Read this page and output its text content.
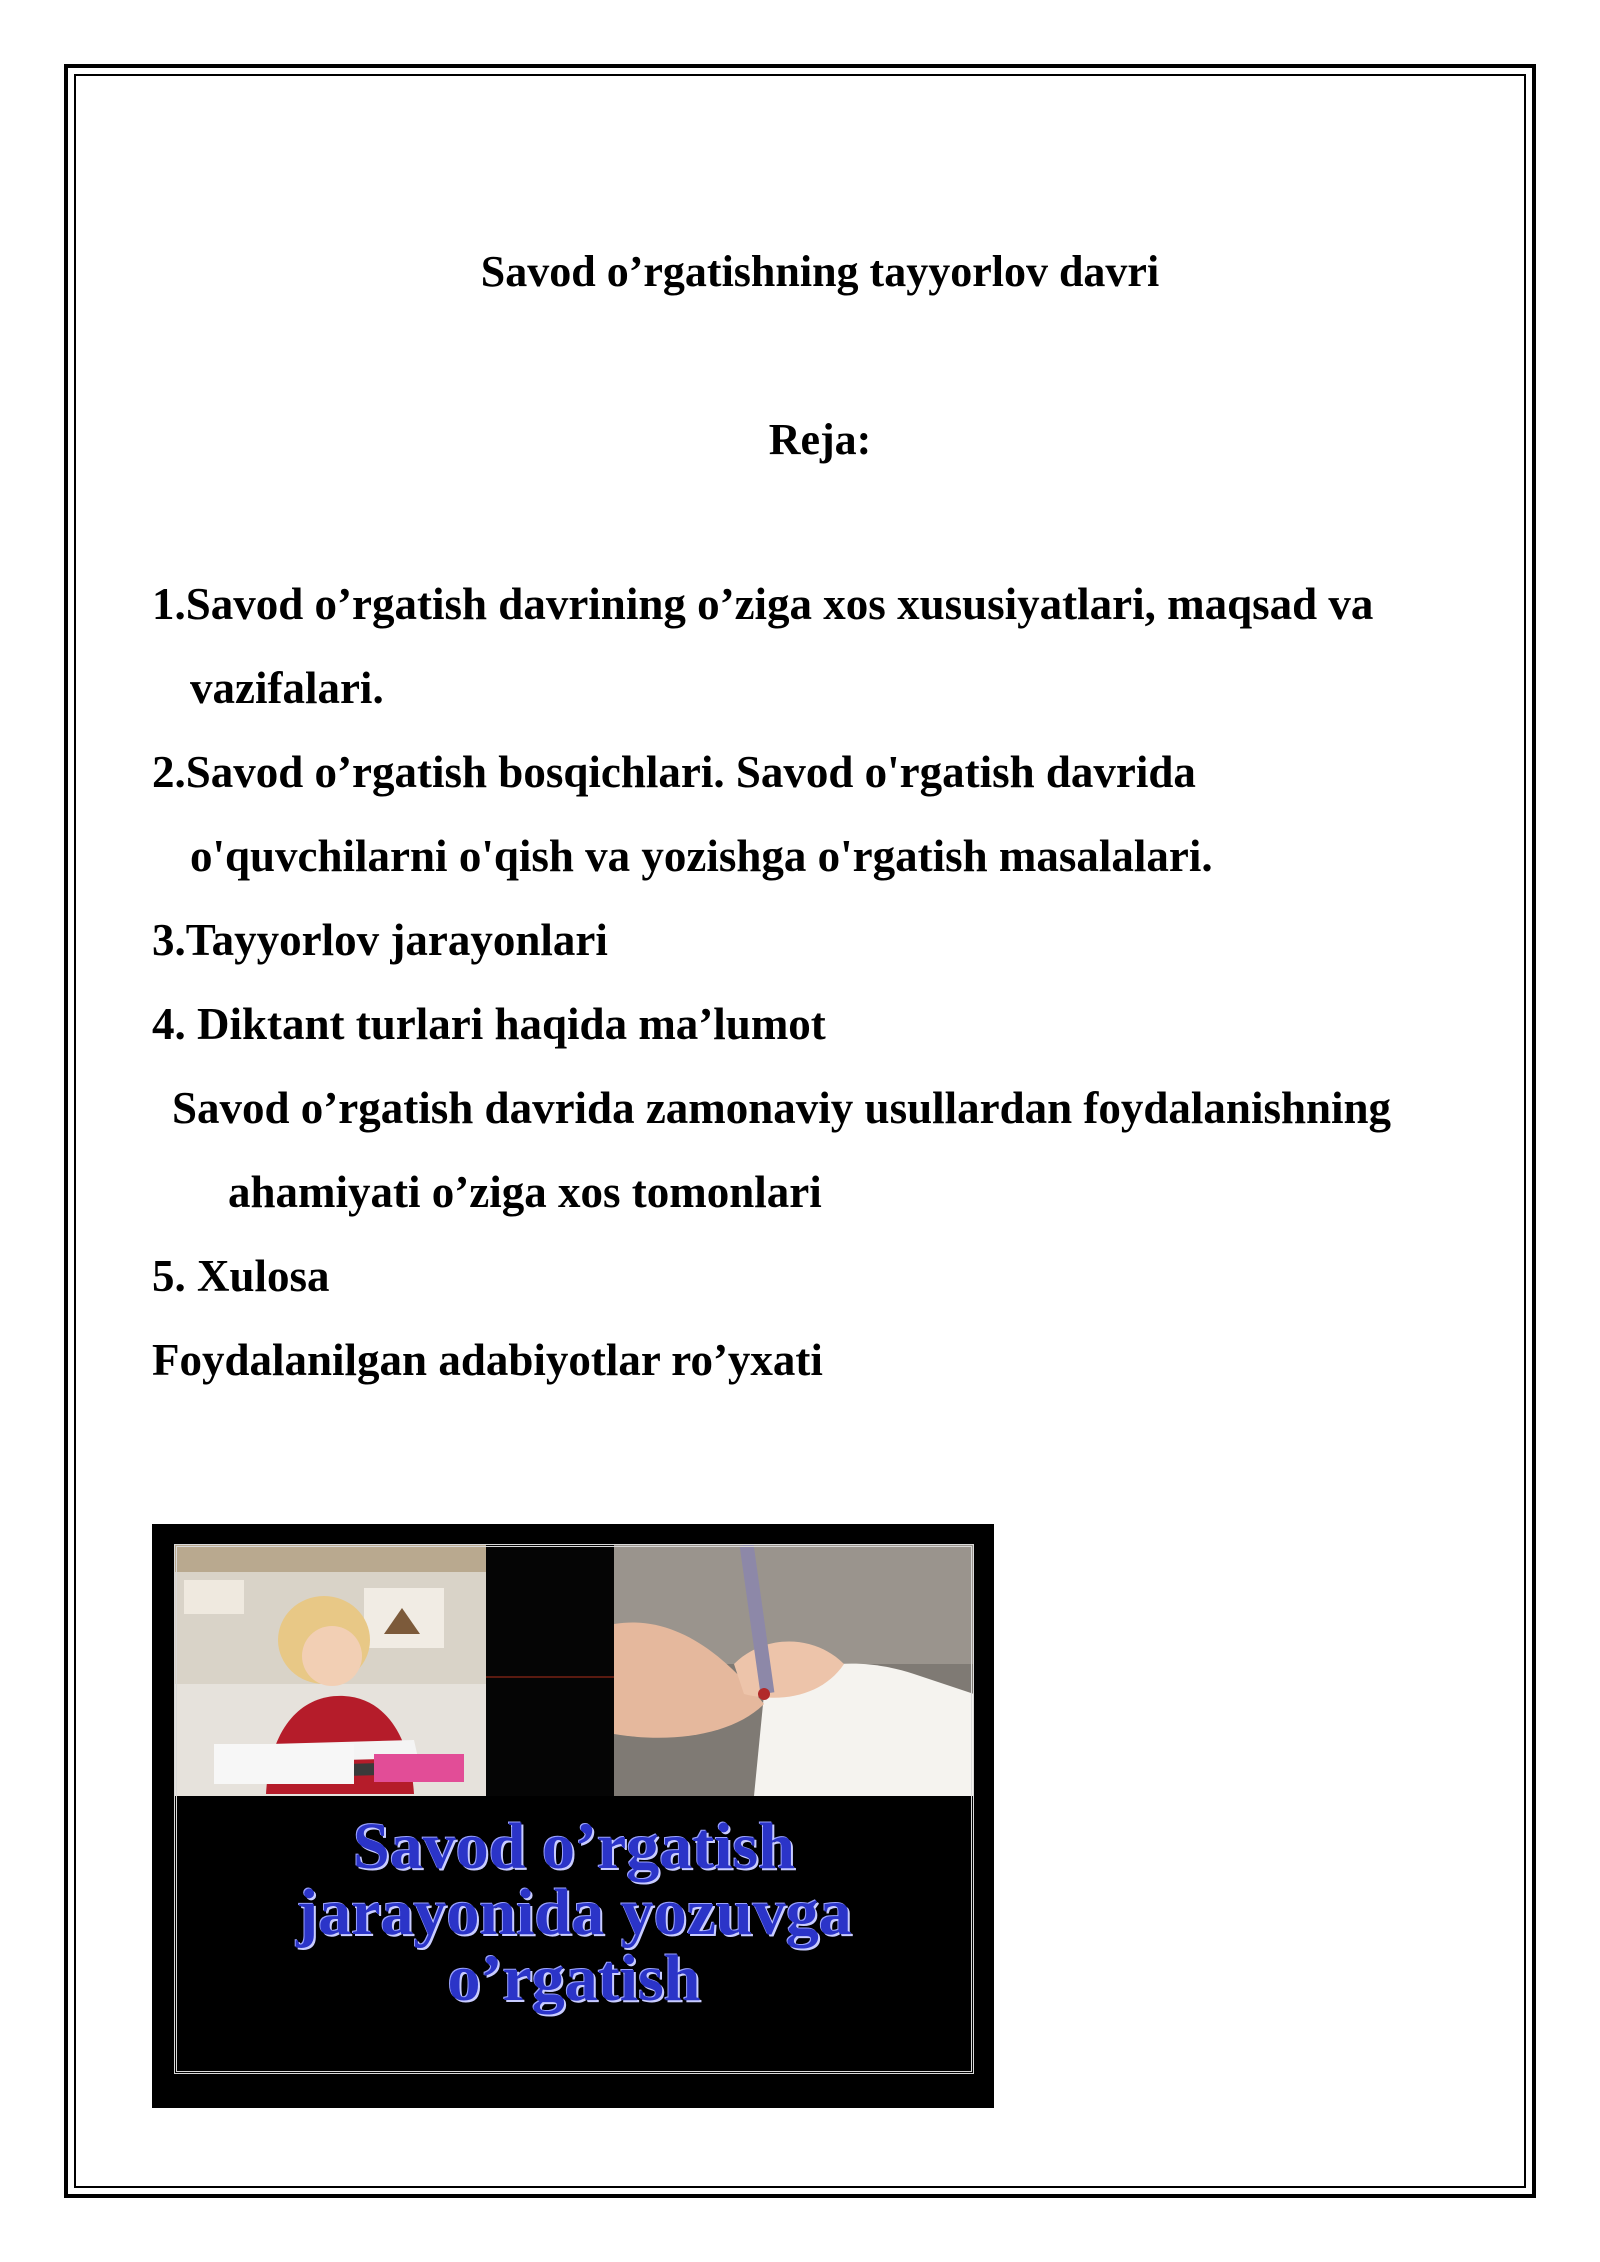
Savod o’rgatishning tayyorlov davri
Reja:
1.Savod o’rgatish davrining o’ziga xos xususiyatlari, maqsad va
vazifalari.
2.Savod o’rgatish bosqichlari. Savod o'rgatish davrida
o'quvchilarni o'qish va yozishga o'rgatish masalalari.
3.Tayyorlov jarayonlari
4. Diktant turlari haqida ma’lumot
Savod o’rgatish davrida zamonaviy usullardan foydalanishning
ahamiyati o’ziga xos tomonlari
5. Xulosa
Foydalanilgan adabiyotlar ro’yxati
Savod o’rgatish
jarayonida yozuvga
o’rgatish
